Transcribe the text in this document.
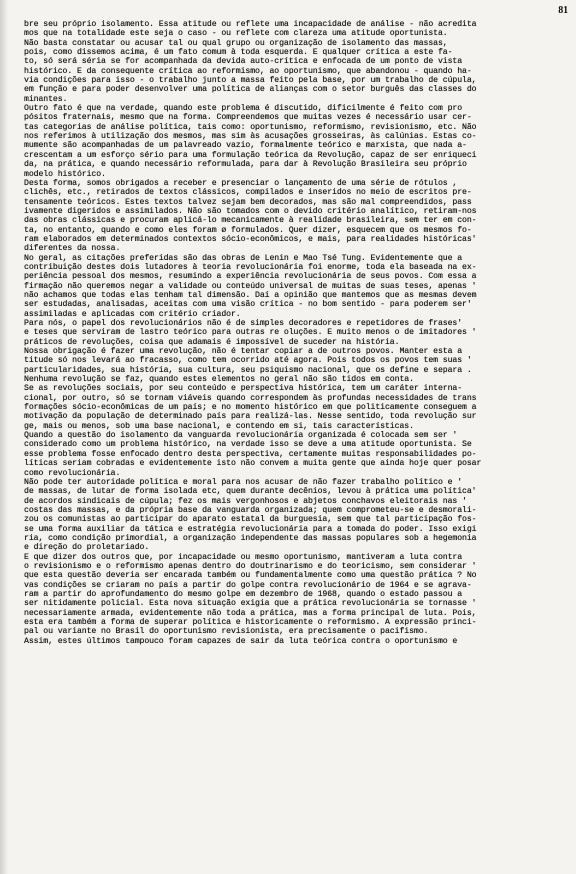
81
bre seu próprio isolamento. Essa atitude ou reflete uma incapacidade de análise - não acredita
mos que na totalidade este seja o caso - ou reflete com clareza uma atitude oportunista.
Não basta constatar ou acusar tal ou qual grupo ou organização de isolamento das massas,
pois, como dissemos acima, é um fato comum à toda esquerda. E qualquer crítica a este fa-
to, só será séria se for acompanhada da devida auto-crítica e enfocada de um ponto de vista
histórico. E da consequente crítica ao reformismo, ao oportunismo, que abandonou - quando ha-
via condições para isso - o trabalho junto a massa feito pela base, por um trabalho de cúpula,
em função e para poder desenvolver uma política de alianças com o setor burguês das classes do
minantes.
Outro fato é que na verdade, quando este problema é discutido, dificilmente é feito com pro
pósitos fraternais, mesmo que na forma. Compreendemos que muitas vezes é necessário usar cer-
tas categorias de análise política, tais como: oportunismo, reformismo, revisionismo, etc. Não
nos referimos à utilização dos mesmos, mas sim às acusações grosseiras, às calúnias. Estas co-
mumente são acompanhadas de um palavreado vazio, formalmente teórico e marxista, que nada a-
crescentam a um esforço sério para uma formulação teórica da Revolução, capaz de ser enriqueci
da, na prática, e quando necessário reformulada, para dar à Revolução Brasileira seu próprio
modelo histórico.
Desta forma, somos obrigados a receber e presenciar o lançamento de uma série de rótulos ,
clichês, etc., retirados de textos clássicos, compilados e inseridos no meio de escritos pre-
tensamente teóricos. Estes textos talvez sejam bem decorados, mas são mal compreendidos, pass
ivamente digeridos e assimilados. Não são tomados com o devido critério analítico, retiram-nos
das obras clássicas e procuram aplicá-lo mecanicamente à realidade brasileira, sem ter em con-
ta, no entanto, quando e como eles foram ø formulados. Quer dizer, esquecem que os mesmos fo-
ram elaborados em determinados contextos sócio-econômicos, e mais, para realidades históricas'
diferentes da nossa.
No geral, as citações preferidas são das obras de Lenin e Mao Tsé Tung. Evidentemente que a
contribuição destes dois lutadores à teoria revolucionária foi enorme, toda ela baseada na ex-
periência pessoal dos mesmos, resumindo a experiência revolucionária de seus povos. Com essa a
firmação não queremos negar a validade ou conteúdo universal de muitas de suas teses, apenas '
não achamos que todas elas tenham tal dimensão. Daí a opinião que mantemos que as mesmas devem
ser estudadas, analisadas, aceitas com uma visão crítica - no bom sentido - para poderem ser'
assimiladas e aplicadas com critério criador.
Para nós, o papel dos revolucionários não é de simples decoradores e repetidores de frases'
e teses que serviram de lastro teórico para outras re oluções. E muito menos o de imitadores '
práticos de revoluções, coisa que adamais é impossível de suceder na história.
Nossa obrigação é fazer uma revolução, não é tentar copiar a de outros povos. Manter esta a
titude só nos levará ao fracasso, como tem ocorrido até agora. Pois todos os povos tem suas '
particularidades, sua história, sua cultura, seu psiquismo nacional, que os define e separa .
Nenhuma revolução se faz, quando estes elementos no geral não são tidos em conta.
Se as revoluções sociais, por seu conteúdo e perspectiva histórica, tem um caráter interna-
cional, por outro, só se tornam viáveis quando correspondem às profundas necessidades de trans
formações sócio-econômicas de um país; e no momento histórico em que politicamente conseguem a
motivação da população de determinado país para realizá-las. Nesse sentido, toda revolução sur
ge, mais ou menos, sob uma base nacional, e contendo em si, tais características.
Quando a questão do isolamento da vanguarda revolucionária organizada é colocada sem ser '
considerado como um problema histórico, na verdade isso se deve a uma atitude oportunista. Se
esse problema fosse enfocado dentro desta perspectiva, certamente muitas responsabilidades po-
líticas seriam cobradas e evidentemente isto não convem a muita gente que ainda hoje quer posar
como revolucionária.
Não pode ter autoridade política e moral para nos acusar de não fazer trabalho político e '
de massas, de lutar de forma isolada etc, quem durante decênios, levou à prática uma política'
de acordos sindicais de cúpula; fez os mais vergonhosos e abjetos conchavos eleitorais nas '
costas das massas, e da própria base da vanguarda organizada; quem comprometeu-se e desmorali-
zou os comunistas ao participar do aparato estatal da burguesia, sem que tal participação fos-
se uma forma auxiliar da tática e estratégia revolucionária para a tomada do poder. Isso exigi
ria, como condição primordial, a organização independente das massas populares sob a hegemonia
e direção do proletariado.
E que dizer dos outros que, por incapacidade ou mesmo oportunismo, mantiveram a luta contra
o revisionismo e o reformismo apenas dentro do doutrinarismo e do teoricismo, sem considerar '
que esta questão deveria ser encarada também ou fundamentalmente como uma questão prática ? No
vas condições se criaram no país a partir do golpe contra revolucionário de 1964 e se agrava-
ram a partir do aprofundamento do mesmo golpe em dezembro de 1968, quando o estado passou a
ser nitidamente policial. Esta nova situação exigia que a prática revolucionária se tornasse '
necessariamente armada, evidentemente não toda a prática, mas a forma principal de luta. Pois,
esta era também a forma de superar política e historicamente o reformismo. A expressão princi-
pal ou variante no Brasil do oportunismo revisionista, era precisamente o pacifismo.
Assim, estes últimos tampouco foram capazes de sair da luta teórica contra o oportunismo e
